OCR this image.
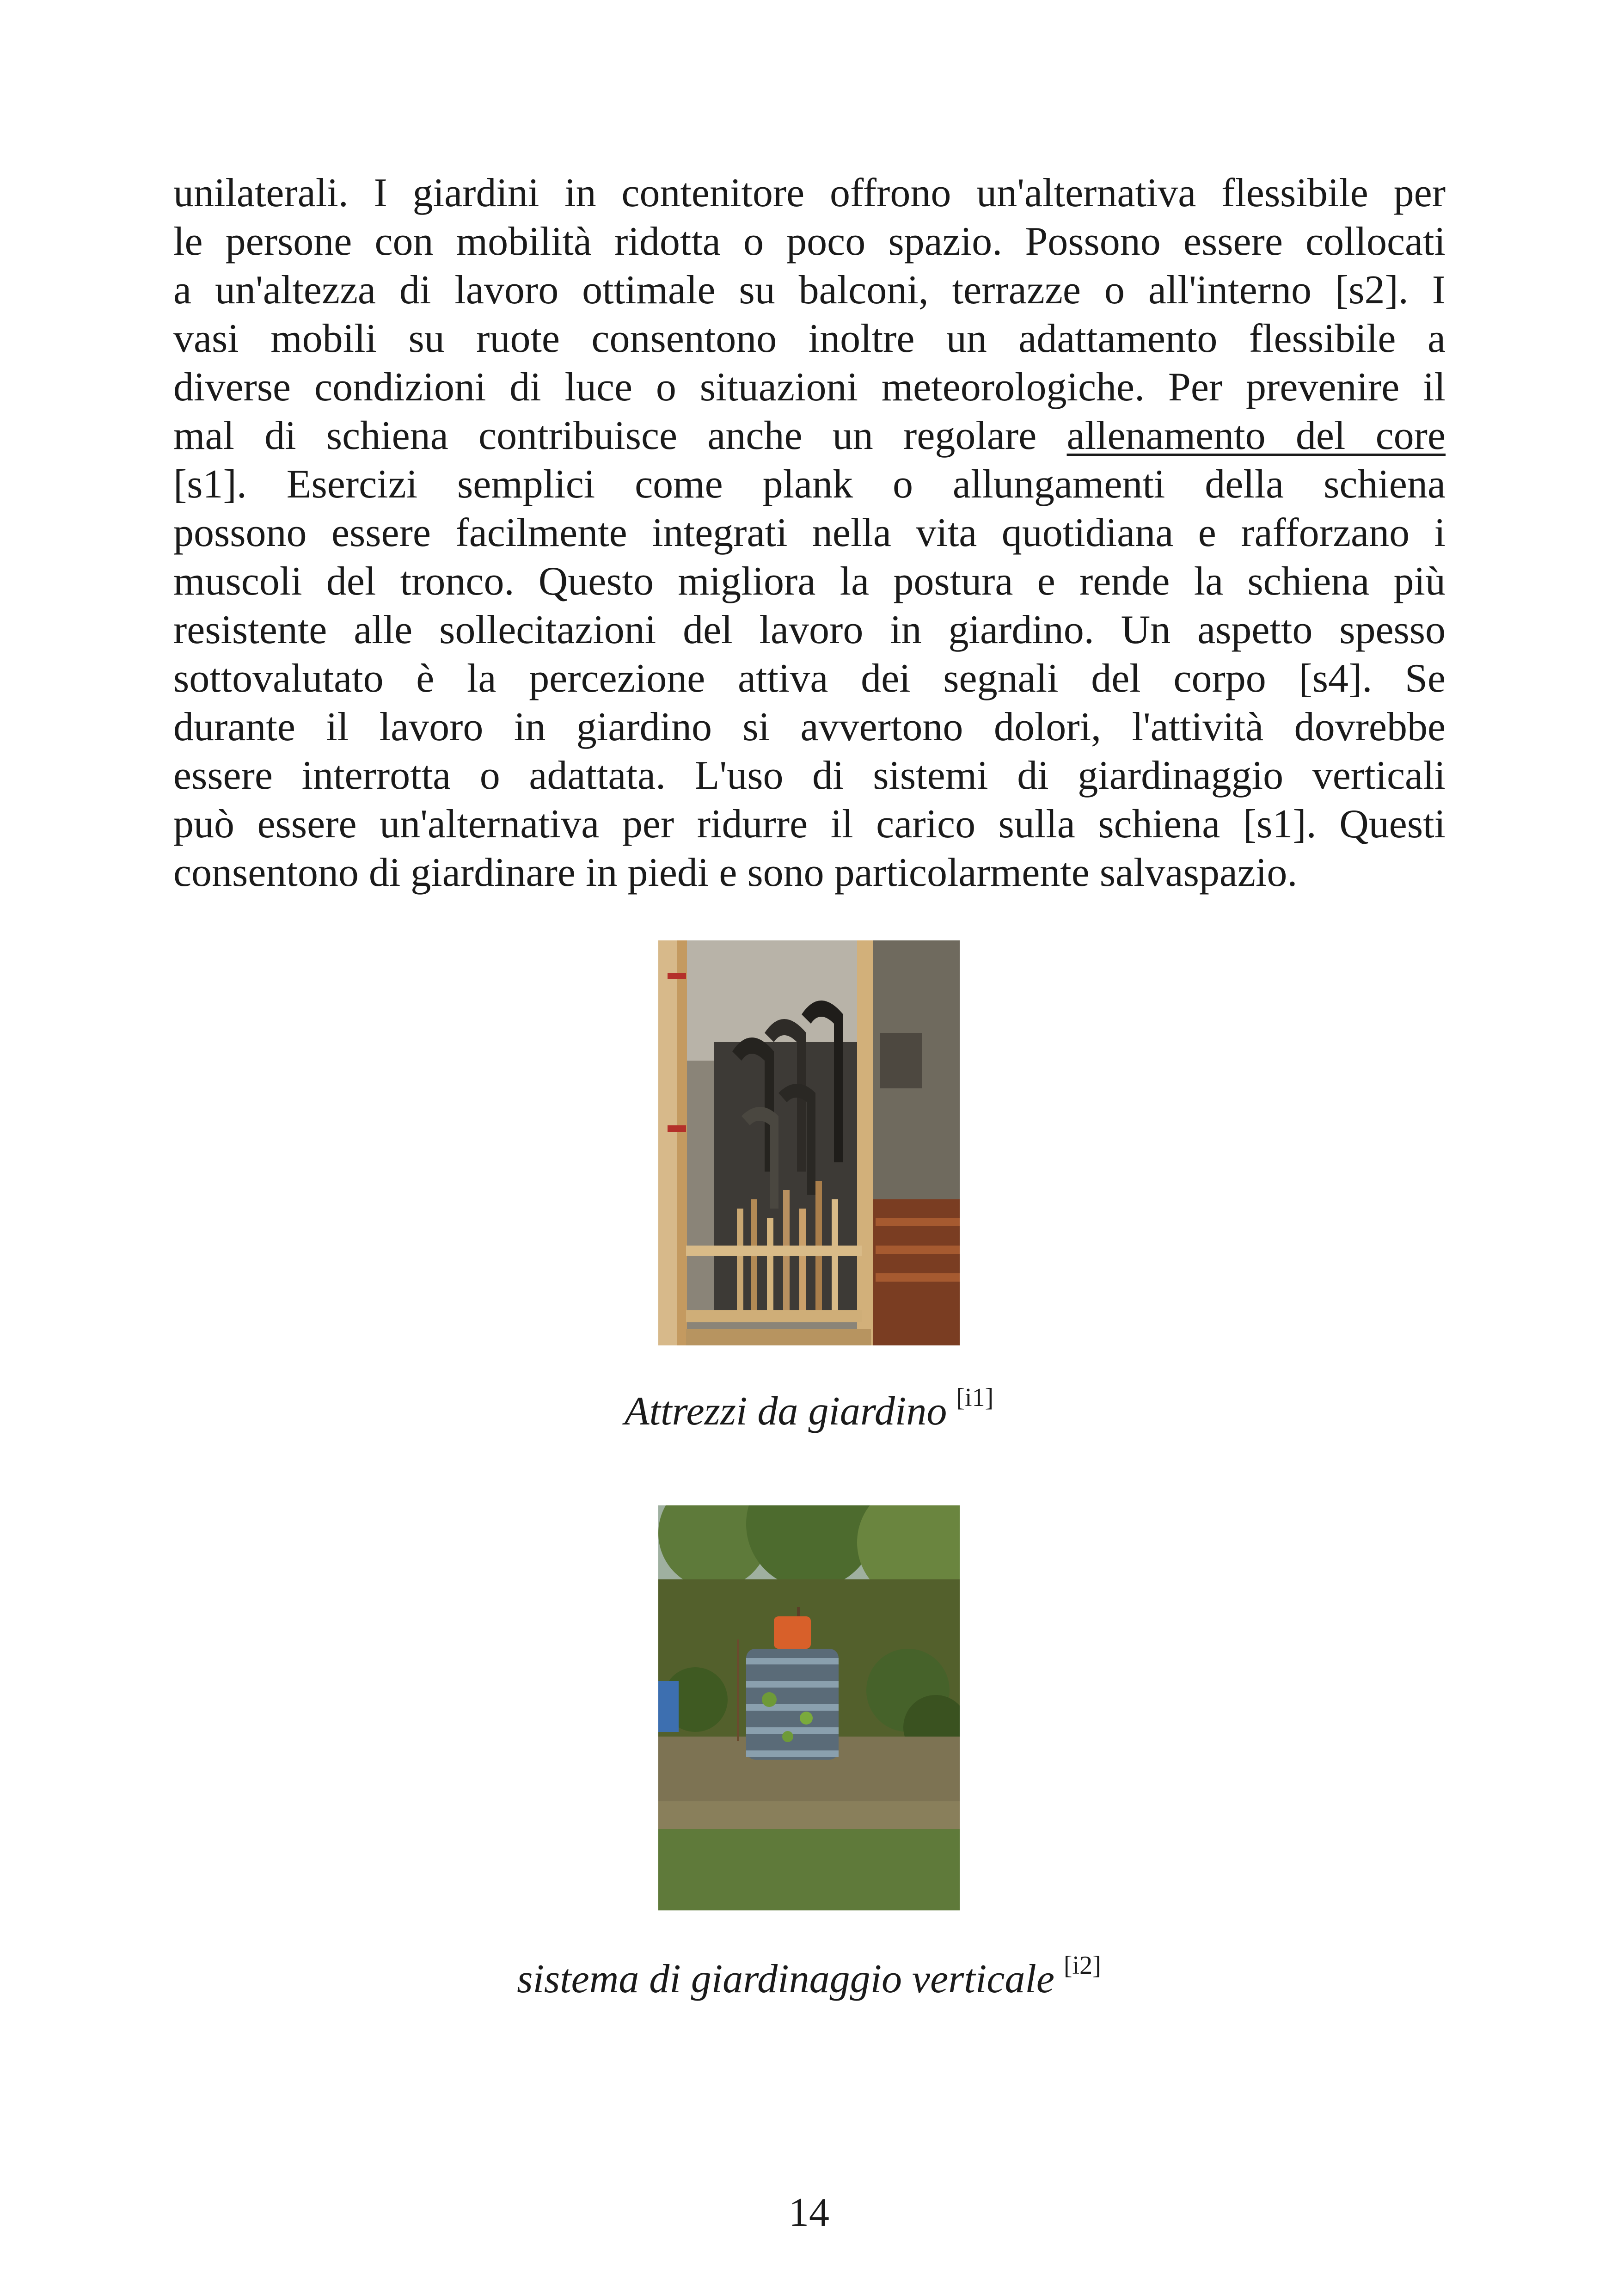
unilaterali. I giardini in contenitore offrono un'alternativa flessibile per
le persone con mobilità ridotta o poco spazio. Possono essere collocati
a un'altezza di lavoro ottimale su balconi, terrazze o all'interno [s2]. I
vasi mobili su ruote consentono inoltre un adattamento flessibile a
diverse condizioni di luce o situazioni meteorologiche. Per prevenire il
mal di schiena contribuisce anche un regolare allenamento del core
[s1]. Esercizi semplici come plank o allungamenti della schiena
possono essere facilmente integrati nella vita quotidiana e rafforzano i
muscoli del tronco. Questo migliora la postura e rende la schiena più
resistente alle sollecitazioni del lavoro in giardino. Un aspetto spesso
sottovalutato è la percezione attiva dei segnali del corpo [s4]. Se
durante il lavoro in giardino si avvertono dolori, l'attività dovrebbe
essere interrotta o adattata. L'uso di sistemi di giardinaggio verticali
può essere un'alternativa per ridurre il carico sulla schiena [s1]. Questi
consentono di giardinare in piedi e sono particolarmente salvaspazio.
Attrezzi da giardino [i1]
sistema di giardinaggio verticale [i2]
14
